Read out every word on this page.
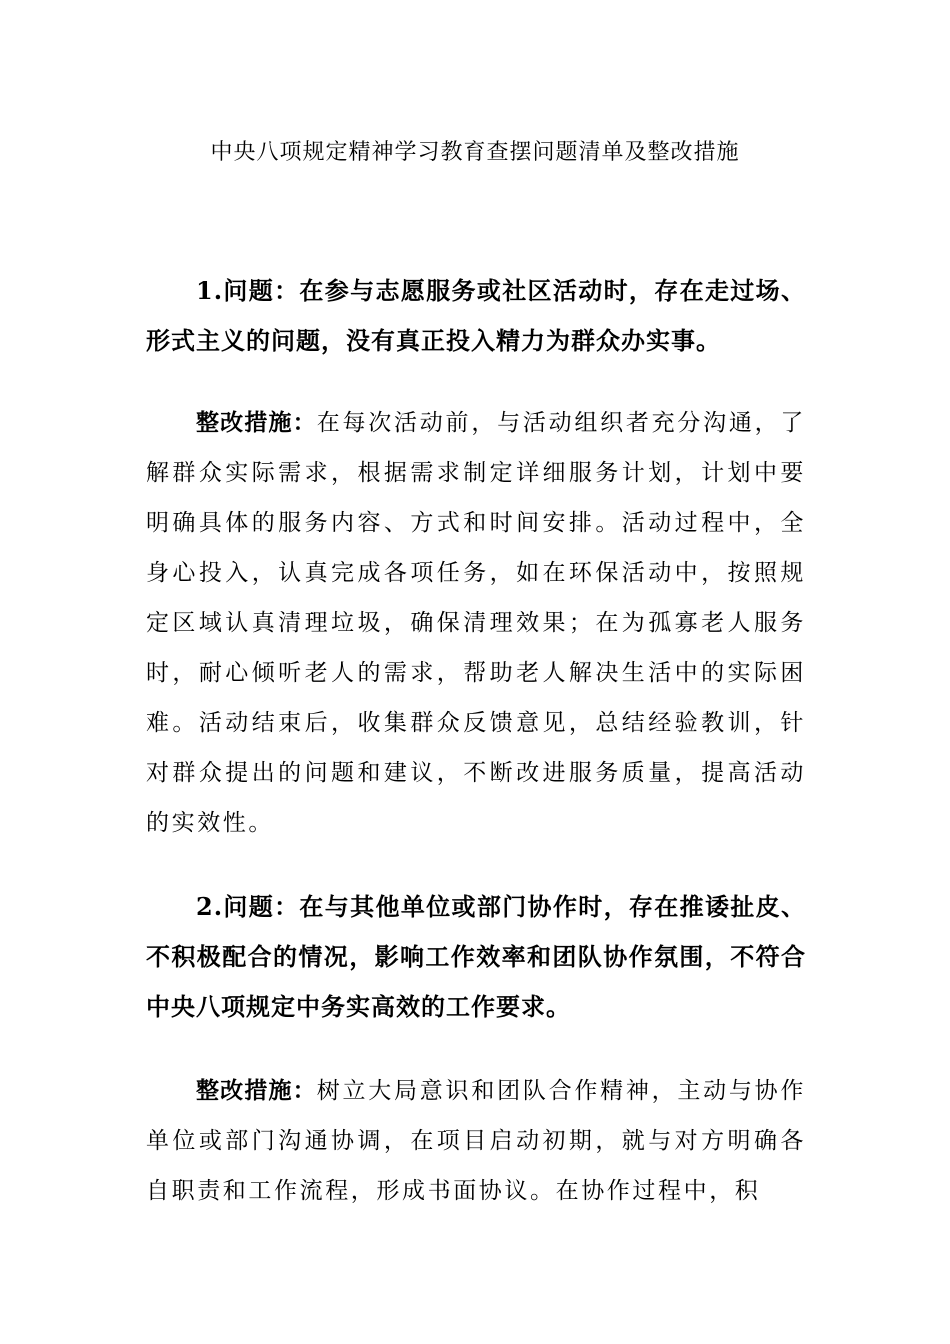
中央八项规定精神学习教育查摆问题清单及整改措施

1.问题：在参与志愿服务或社区活动时，存在走过场、形式主义的问题，没有真正投入精力为群众办实事。

整改措施：在每次活动前，与活动组织者充分沟通，了解群众实际需求，根据需求制定详细服务计划，计划中要明确具体的服务内容、方式和时间安排。活动过程中，全身心投入，认真完成各项任务，如在环保活动中，按照规定区域认真清理垃圾，确保清理效果；在为孤寡老人服务时，耐心倾听老人的需求，帮助老人解决生活中的实际困难。活动结束后，收集群众反馈意见，总结经验教训，针对群众提出的问题和建议，不断改进服务质量，提高活动的实效性。

2.问题：在与其他单位或部门协作时，存在推诿扯皮、不积极配合的情况，影响工作效率和团队协作氛围，不符合中央八项规定中务实高效的工作要求。

整改措施：树立大局意识和团队合作精神，主动与协作单位或部门沟通协调，在项目启动初期，就与对方明确各自职责和工作流程，形成书面协议。在协作过程中，积
